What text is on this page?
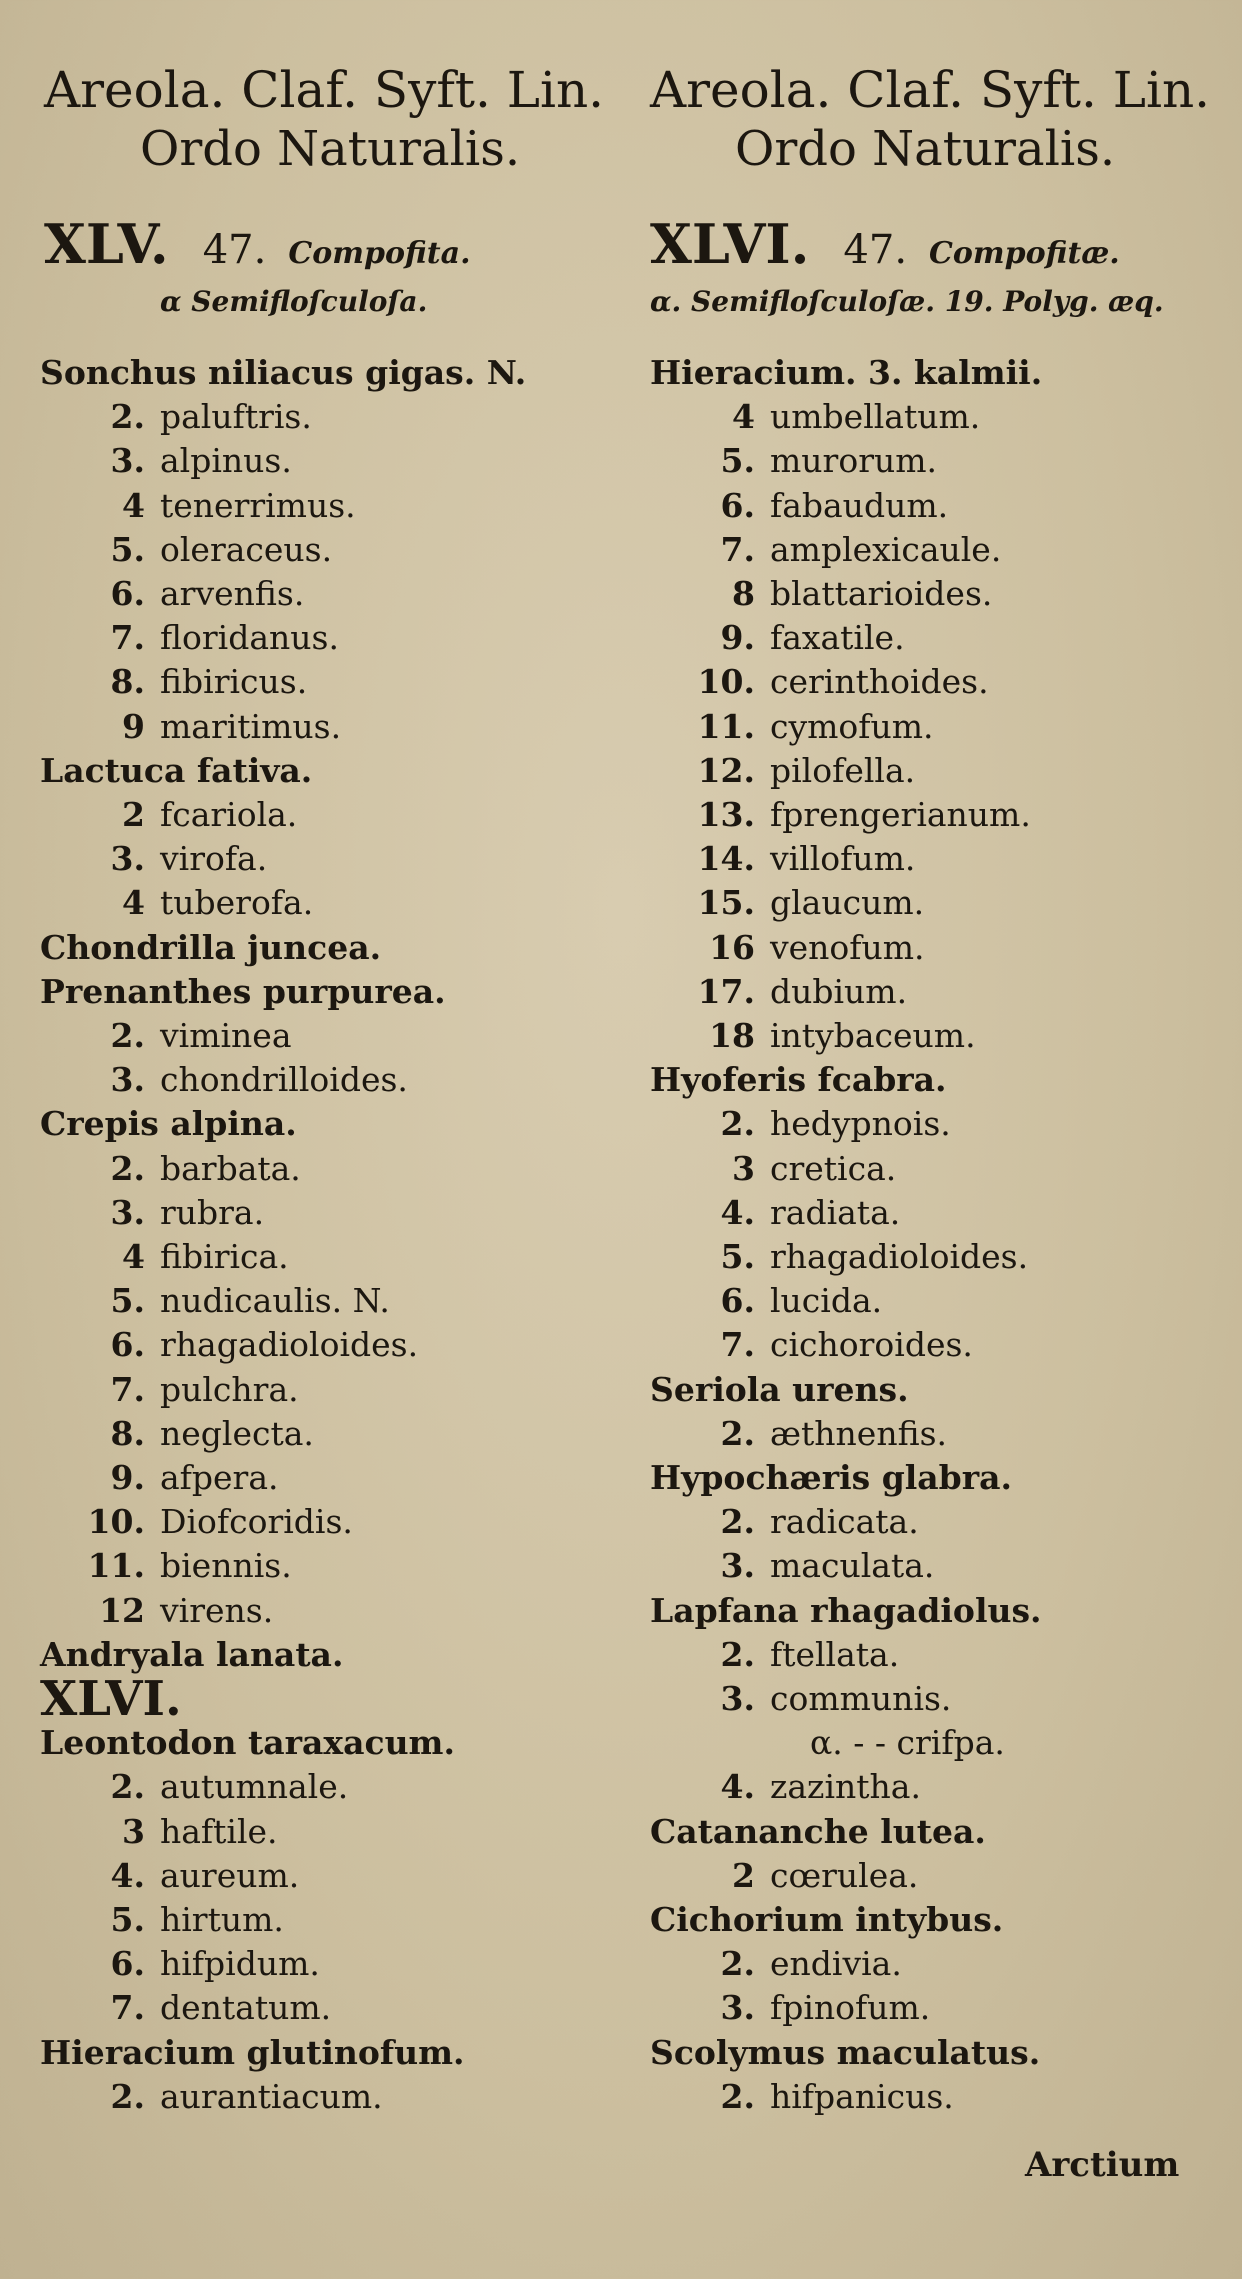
Areola. Claf. Syft. Lin.
Ordo Naturalis.
XLV. 47. Compofita.
α Semifloſculoſa.
Sonchus niliacus gigas. N.
2. paluftris.
3. alpinus.
4 tenerrimus.
5. oleraceus.
6. arvenfis.
7. floridanus.
8. fibiricus.
9 maritimus.
Lactuca fativa.
2 fcariola.
3. virofa.
4 tuberofa.
Chondrilla juncea.
Prenanthes purpurea.
2. viminea
3. chondrilloides.
Crepis alpina.
2. barbata.
3. rubra.
4 fibirica.
5. nudicaulis. N.
6. rhagadioloides.
7. pulchra.
8. neglecta.
9. afpera.
10. Diofcoridis.
11. biennis.
12 virens.
Andryala lanata.
XLVI.
Leontodon taraxacum.
2. autumnale.
3 haftile.
4. aureum.
5. hirtum.
6. hifpidum.
7. dentatum.
Hieracium glutinofum.
2. aurantiacum.
Areola. Claf. Syft. Lin.
Ordo Naturalis.
XLVI. 47. Compofitæ.
α. Semifloſculoſæ. 19. Polyg. æq.
Hieracium. 3. kalmii.
4 umbellatum.
5. murorum.
6. fabaudum.
7. amplexicaule.
8 blattarioides.
9. faxatile.
10. cerinthoides.
11. cymofum.
12. pilofella.
13. fprengerianum.
14. villofum.
15. glaucum.
16 venofum.
17. dubium.
18 intybaceum.
Hyoferis fcabra.
2. hedypnois.
3 cretica.
4. radiata.
5. rhagadioloides.
6. lucida.
7. cichoroides.
Seriola urens.
2. æthnenfis.
Hypochæris glabra.
2. radicata.
3. maculata.
Lapfana rhagadiolus.
2. ftellata.
3. communis.
α. - - crifpa.
4. zazintha.
Catananche lutea.
2 cœrulea.
Cichorium intybus.
2. endivia.
3. fpinofum.
Scolymus maculatus.
2. hifpanicus.
Arctium
